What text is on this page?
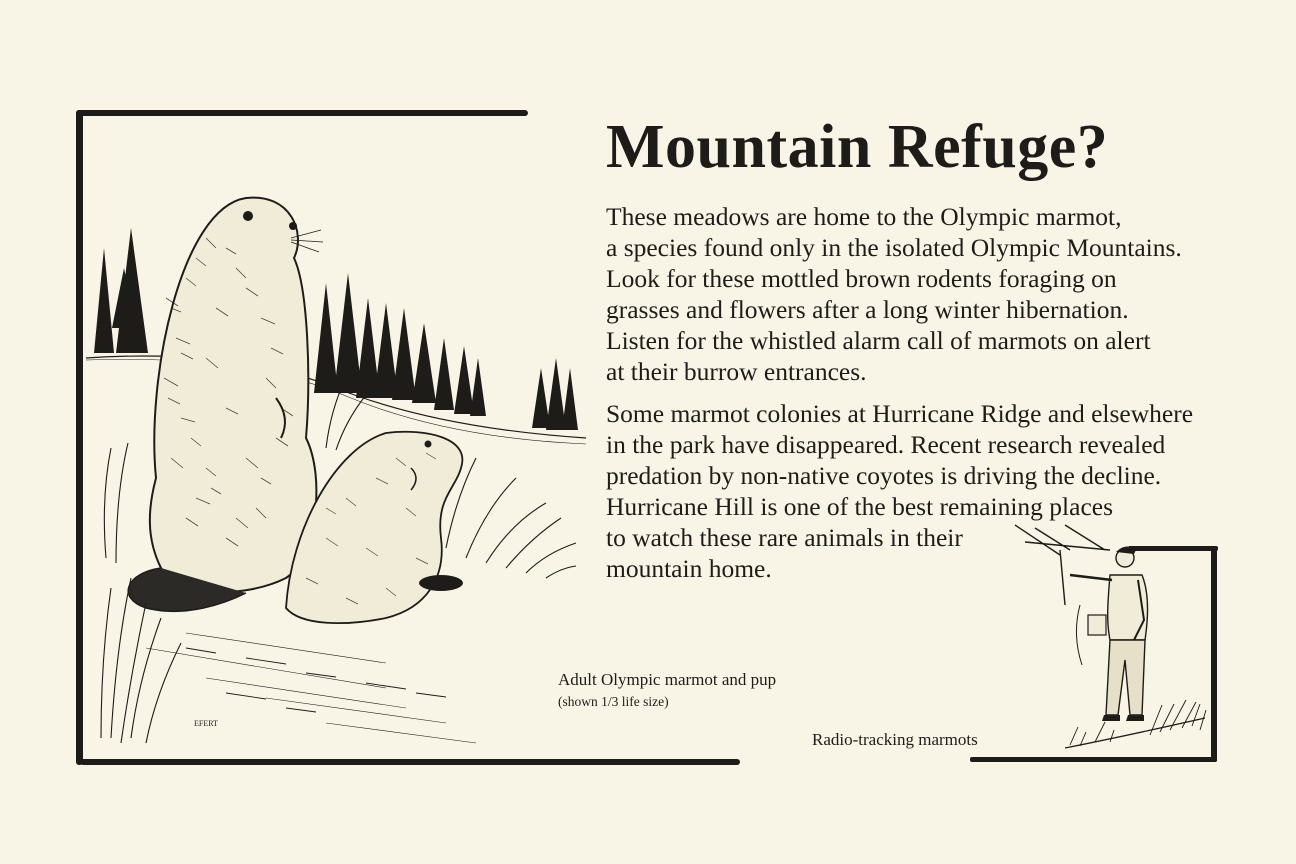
EFERT
Mountain Refuge?

These meadows are home to the Olympic marmot,
a species found only in the isolated Olympic Mountains.
Look for these mottled brown rodents foraging on
grasses and flowers after a long winter hibernation.
Listen for the whistled alarm call of marmots on alert
at their burrow entrances.

Some marmot colonies at Hurricane Ridge and elsewhere
in the park have disappeared. Recent research revealed
predation by non-native coyotes is driving the decline.
Hurricane Hill is one of the best remaining places
to watch these rare animals in their
mountain home.

Adult Olympic marmot and pup
(shown 1/3 life size)
Radio-tracking marmots
